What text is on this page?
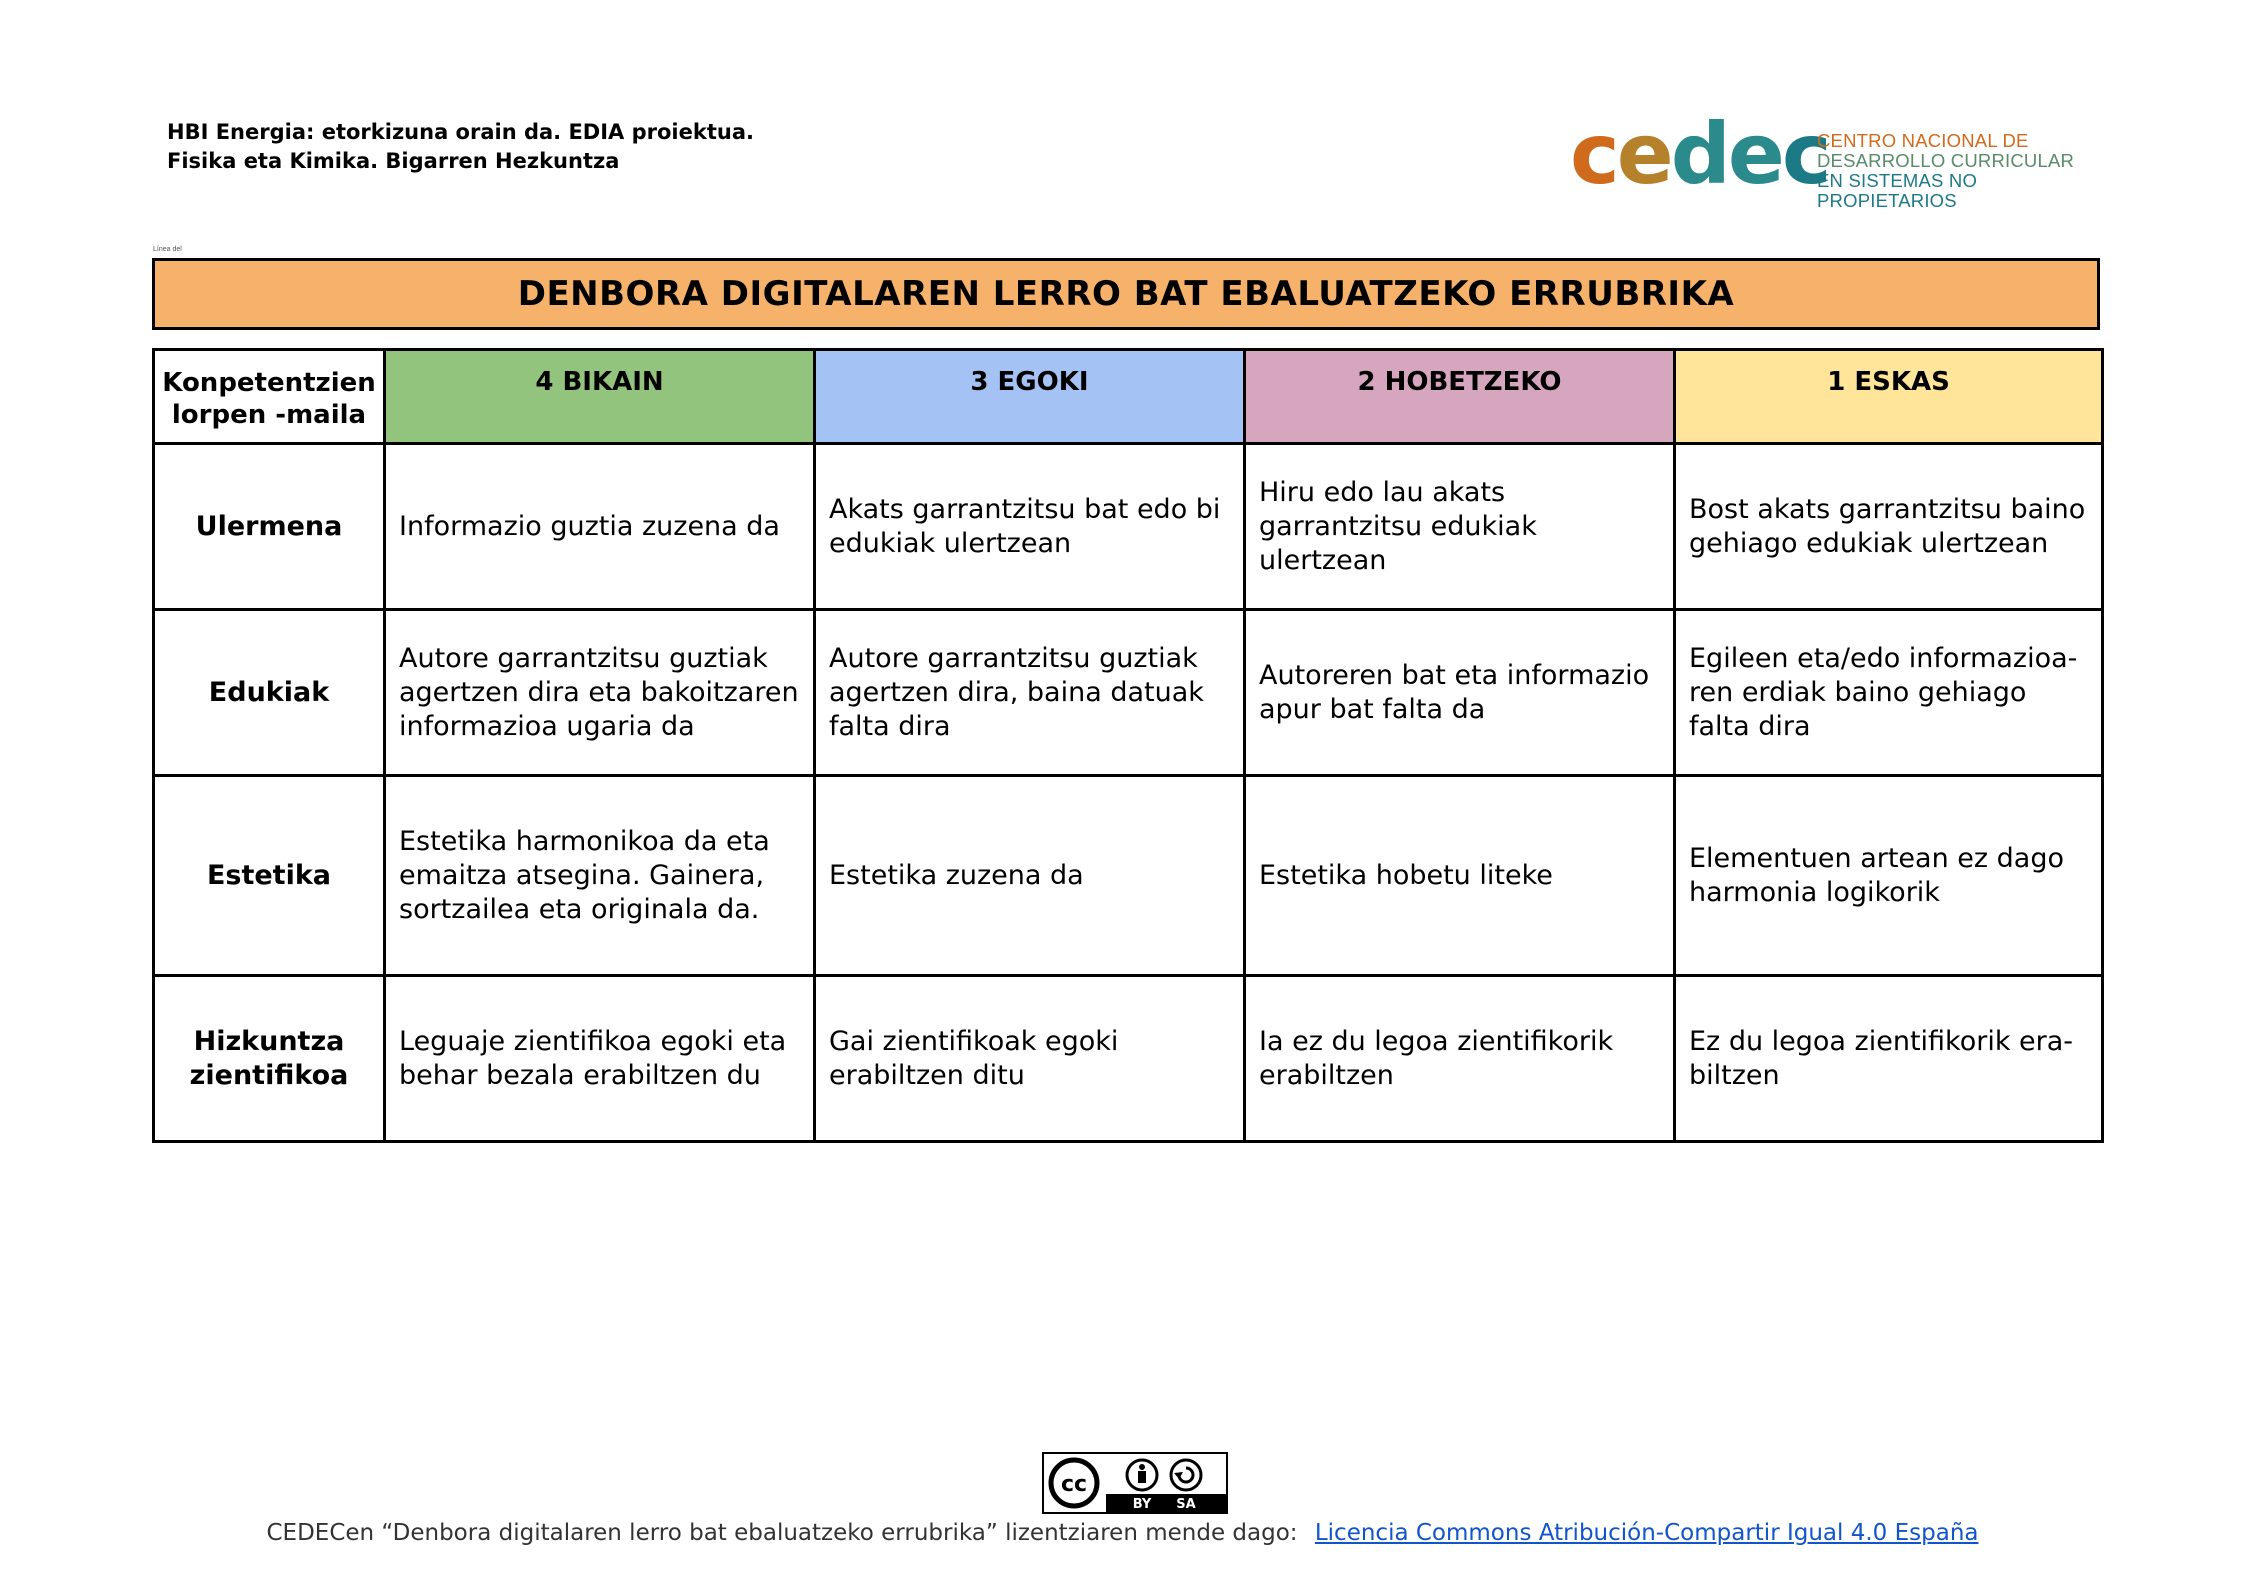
HBI Energia: etorkizuna orain da. EDIA proiektua.
Fisika eta Kimika. Bigarren Hezkuntza	cedec
CENTRO NACIONAL DE
DESARROLLO CURRICULAR
EN SISTEMAS NO PROPIETARIOS
Línea del
DENBORA DIGITALAREN LERRO BAT EBALUATZEKO ERRUBRIKA
Konpetentzien
lorpen -maila	4 BIKAIN	3 EGOKI	2 HOBETZEKO	1 ESKAS

Ulermena	Informazio guztia zuzena da	Akats garrantzitsu bat edo bi edukiak ulertzean	Hiru edo lau akats garrantzitsu edukiak ulertzean	Bost akats garrantzitsu baino gehiago edukiak ulertzean

Edukiak	Autore garrantzitsu guztiak agertzen dira eta bakoitzaren informazioa ugaria da	Autore garrantzitsu guztiak agertzen dira, baina datuak falta dira	Autoreren bat eta informazio apur bat falta da	Egileen eta/edo informazioa-ren erdiak baino gehiago falta dira

Estetika	Estetika harmonikoa da eta emaitza atsegina. Gainera, sortzailea eta originala da.	Estetika zuzena da	Estetika hobetu liteke	Elementuen artean ez dago harmonia logikorik

Hizkuntza
zientifikoa	Leguaje zientifikoa egoki eta behar bezala erabiltzen du	Gai zientifikoak egoki erabiltzen ditu	Ia ez du legoa zientifikorik erabiltzen	Ez du legoa zientifikorik era-biltzen
cc
BY SA
CEDECen “Denbora digitalaren lerro bat ebaluatzeko errubrika” lizentziaren mende dago: Licencia Commons Atribución-Compartir Igual 4.0 España
